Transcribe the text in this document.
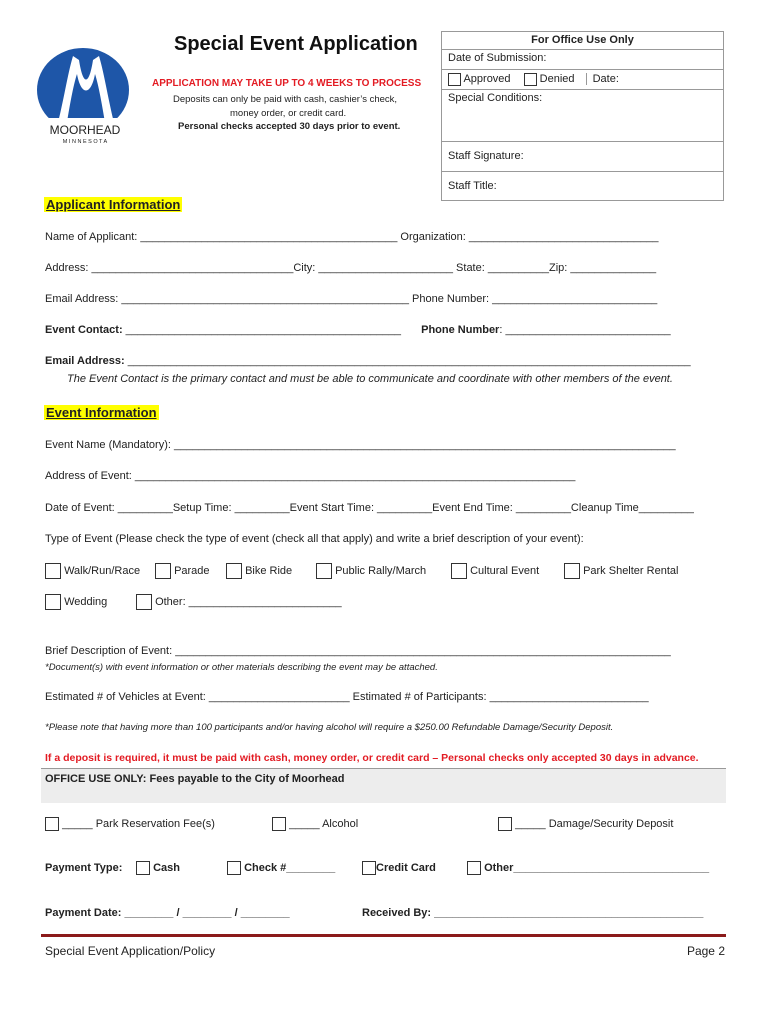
MOORHEAD
M I N N E S O T A
Special Event Application
APPLICATION MAY TAKE UP TO 4 WEEKS TO PROCESS
Deposits can only be paid with cash, cashier’s check,
money order, or credit card.
Personal checks accepted 30 days prior to event.
For Office Use Only
Date of Submission:
Approved	Denied Date:
Special Conditions:
Staff Signature:
Staff Title:
Applicant Information
Name of Applicant: __________________________________________ Organization: _______________________________
Address: _________________________________City: ______________________ State: __________Zip: ______________
Email Address: _______________________________________________ Phone Number: ___________________________
Event Contact: _____________________________________________ Phone Number: ___________________________
Email Address: ____________________________________________________________________________________________
The Event Contact is the primary contact and must be able to communicate and coordinate with other members of the event.
Event Information
Event Name (Mandatory): __________________________________________________________________________________
Address of Event: ________________________________________________________________________
Date of Event: _________Setup Time: _________Event Start Time: _________Event End Time: _________Cleanup Time_________
Type of Event (Please check the type of event (check all that apply) and write a brief description of your event):
Walk/Run/Race	Parade	Bike Ride	Public Rally/March	Cultural Event	Park Shelter Rental
Wedding	Other: _________________________
Brief Description of Event: _________________________________________________________________________________
*Document(s) with event information or other materials describing the event may be attached.
Estimated # of Vehicles at Event: _______________________ Estimated # of Participants: __________________________
*Please note that having more than 100 participants and/or having alcohol will require a $250.00 Refundable Damage/Security Deposit.
If a deposit is required, it must be paid with cash, money order, or credit card – Personal checks only accepted 30 days in advance.
OFFICE USE ONLY: Fees payable to the City of Moorhead
_____ Park Reservation Fee(s)	_____ Alcohol	_____ Damage/Security Deposit
Payment Type:	Cash	Check #________	Credit Card	Other________________________________
Payment Date: ________ / ________ / ________	Received By: ____________________________________________
Special Event Application/Policy	Page 2
